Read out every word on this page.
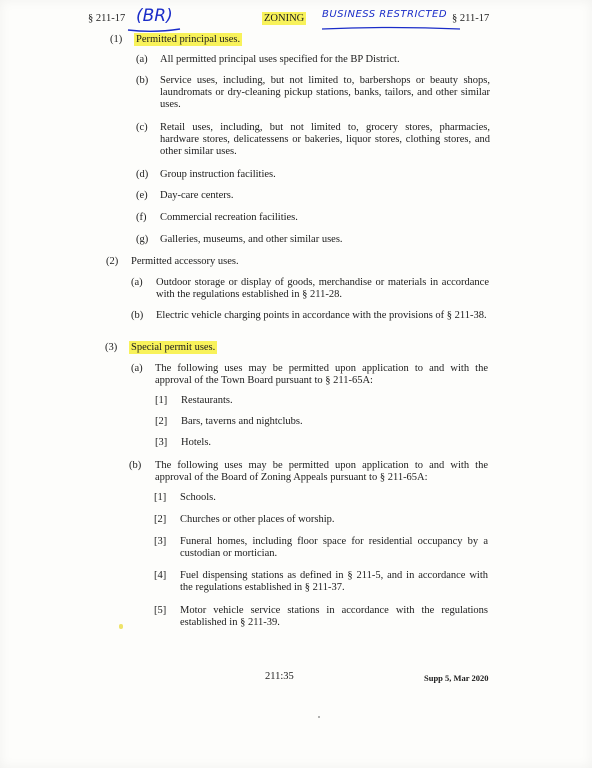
§ 211-17 (BR)	ZONING BUSINESS RESTRICTED § 211-17
(1) Permitted principal uses.
(a) All permitted principal uses specified for the BP District.
(b) Service uses, including, but not limited to, barbershops or beauty shops, laundromats or dry-cleaning pickup stations, banks, tailors, and other similar uses.
(c) Retail uses, including, but not limited to, grocery stores, pharmacies, hardware stores, delicatessens or bakeries, liquor stores, clothing stores, and other similar uses.
(d) Group instruction facilities.
(e) Day-care centers.
(f) Commercial recreation facilities.
(g) Galleries, museums, and other similar uses.
(2) Permitted accessory uses.
(a) Outdoor storage or display of goods, merchandise or materials in accordance with the regulations established in § 211-28.
(b) Electric vehicle charging points in accordance with the provisions of § 211-38.
(3) Special permit uses.
(a) The following uses may be permitted upon application to and with the approval of the Town Board pursuant to § 211-65A:
[1] Restaurants.
[2] Bars, taverns and nightclubs.
[3] Hotels.
(b) The following uses may be permitted upon application to and with the approval of the Board of Zoning Appeals pursuant to § 211-65A:
[1] Schools.
[2] Churches or other places of worship.
[3] Funeral homes, including floor space for residential occupancy by a custodian or mortician.
[4] Fuel dispensing stations as defined in § 211-5, and in accordance with the regulations established in § 211-37.
[5] Motor vehicle service stations in accordance with the regulations established in § 211-39.
211:35	Supp 5, Mar 2020
